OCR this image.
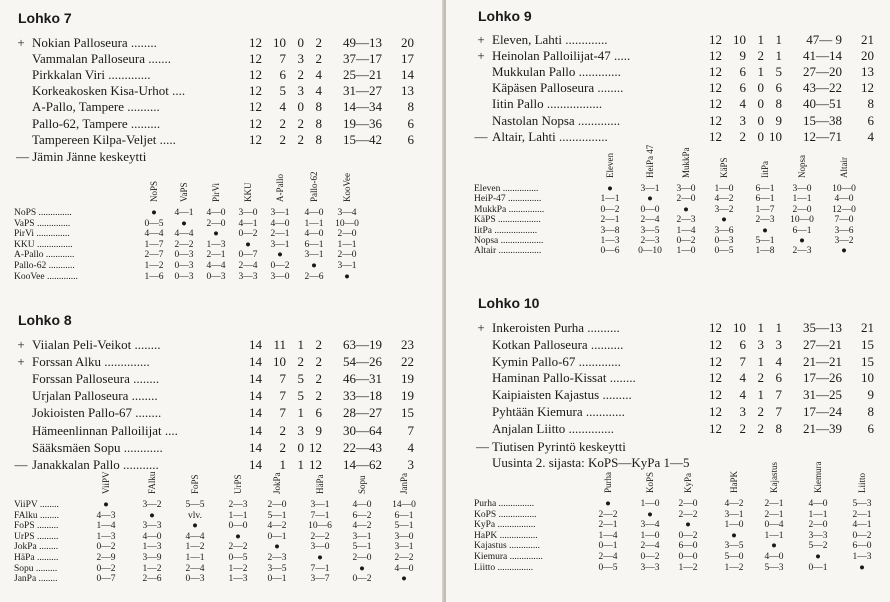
Lohko 7
+ Nokian Palloseura ........	12 10 0 2 49—13 20
Vammalan Palloseura .......	12 7 3 2 37—17 17
Pirkkalan Viri .............	12 6 2 4 25—21 14
Korkeakosken Kisa-Urhot ....	12 5 3 4 31—27 13
A-Pallo, Tampere ..........	12 4 0 8 14—34 8
Pallo-62, Tampere .........	12 2 2 8 19—36 6
Tampereen Kilpa-Veljet .....	12 2 2 8 15—42 6
— Jämin Jänne keskeytti
NoPS VaPS PirVi KKU A-Pallo	Pallo-62	KooVee
NoPS ..............	●	4—1	4—0	3—0	3—1	4—0	3—4
VaPS ..............	0—5	●	2—0	4—1	4—0	1—1	10—0
PirVi ..............	4—4	4—4	●	0—2	2—1	4—0	2—0
KKU ...............	1—7	2—2	1—3	●	3—1	6—1	1—1
A-Pallo ............	2—7	0—3	2—1	0—7	●	3—1	2—0
Pallo-62 ...........	1—2	0—3	4—4	2—4	0—2	●	3—1
KooVee .............	1—6	0—3	0—3	3—3	3—0	2—6	●
Lohko 8
+ Viialan Peli-Veikot ........	14 11 1 2 63—19 23
+ Forssan Alku ..............	14 10 2 2 54—26 22
Forssan Palloseura ........	14 7 5 2 46—31 19
Urjalan Palloseura ........	14 7 5 2 33—18 19
Jokioisten Pallo-67 ........	14 7 1 6 28—27 15
Hämeenlinnan Palloilijat ....	14 2 3 9 30—64 7
Sääksmäen Sopu ............	14 2 0 12 22—43 4
— Janakkalan Pallo ...........	14 1 1 12 14—62 3
ViiPV	FAlku	FoPS	UrPS	JokPa	HäPa	Sopu	JanPa
ViiPV ........	●	3—2	5—5	2—3	2—0	3—1	4—0	14—0
FAlku ........	4—3	●	vlv.	1—1	5—1	7—1	6—2	6—1
FoPS .........	1—4	3—3	●	0—0	4—2	10—6	4—2	5—1
UrPS .........	1—3	4—0	4—4	●	0—1	2—2	3—1	3—0
JokPa ........	0—2	1—3	1—2	2—2	●	3—0	5—1	3—1
HäPa .........	2—9	3—9	1—1	0—5	2—3	●	2—0	2—2
Sopu .........	0—2	1—2	2—4	1—2	3—5	7—1	●	4—0
JanPa ........	0—7	2—6	0—3	1—3	0—1	3—7	0—2	●
Lohko 9
+ Eleven, Lahti .............	12 10 1 1 47— 9 21
+ Heinolan Palloilijat-47 .....	12 9 2 1 41—14 20
Mukkulan Pallo .............	12 6 1 5 27—20 13
Käpäsen Palloseura ........	12 6 0 6 43—22 12
Iitin Pallo .................	12 4 0 8 40—51 8
Nastolan Nopsa .............	12 3 0 9 15—38 6
— Altair, Lahti ...............	12 2 0 10 12—71 4
Eleven	HeiPa 47	MukkPa	KäPS	IitPa	Nopsa	Altair
Eleven ...............	●	3—1	3—0	1—0	6—1	3—0	10—0
HeiP-47 ..............	1—1	●	2—0	4—2	6—1	1—1	4—0
MukkPa ...............	0—2	0—0	●	3—2	1—7	2—0	12—0
KäPS ..................	2—1	2—4	2—3	●	2—3	10—0	7—0
IitPa ..................	3—8	3—5	1—4	3—6	●	6—1	3—6
Nopsa ..................	1—3	2—3	0—2	0—3	5—1	●	3—2
Altair ..................	0—6	0—10	1—0	0—5	1—8	2—3	●
Lohko 10
+ Inkeroisten Purha ..........	12 10 1 1 35—13 21
Kotkan Palloseura ..........	12 6 3 3 27—21 15
Kymin Pallo-67 .............	12 7 1 4 21—21 15
Haminan Pallo-Kissat ........	12 4 2 6 17—26 10
Kaipiaisten Kajastus .........	12 4 1 7 31—25 9
Pyhtään Kiemura ............	12 3 2 7 17—24 8
Anjalan Liitto ..............	12 2 2 8 21—39 6
— Tiutisen Pyrintö keskeytti
Uusinta 2. sijasta: KoPS—KyPa 1—5
Purha	KoPS	KyPa	HaPK	Kajastus	Kiemura	Liitto
Purha ...............	●	1—0	2—0	4—2	2—1	4—0	5—3
KoPS ................	2—2	●	2—2	3—1	2—1	1—1	2—1
KyPa ................	2—1	3—4	●	1—0	0—4	2—0	4—1
HaPK ................	1—4	1—0	0—2	●	1—1	3—3	0—2
Kajastus .............	0—1	2—4	6—0	3—5	●	5—2	6—0
Kiemura ..............	2—4	0—2	0—0	5—0	4—0	●	1—3
Liitto ...............	0—5	3—3	1—2	1—2	5—3	0—1	●
